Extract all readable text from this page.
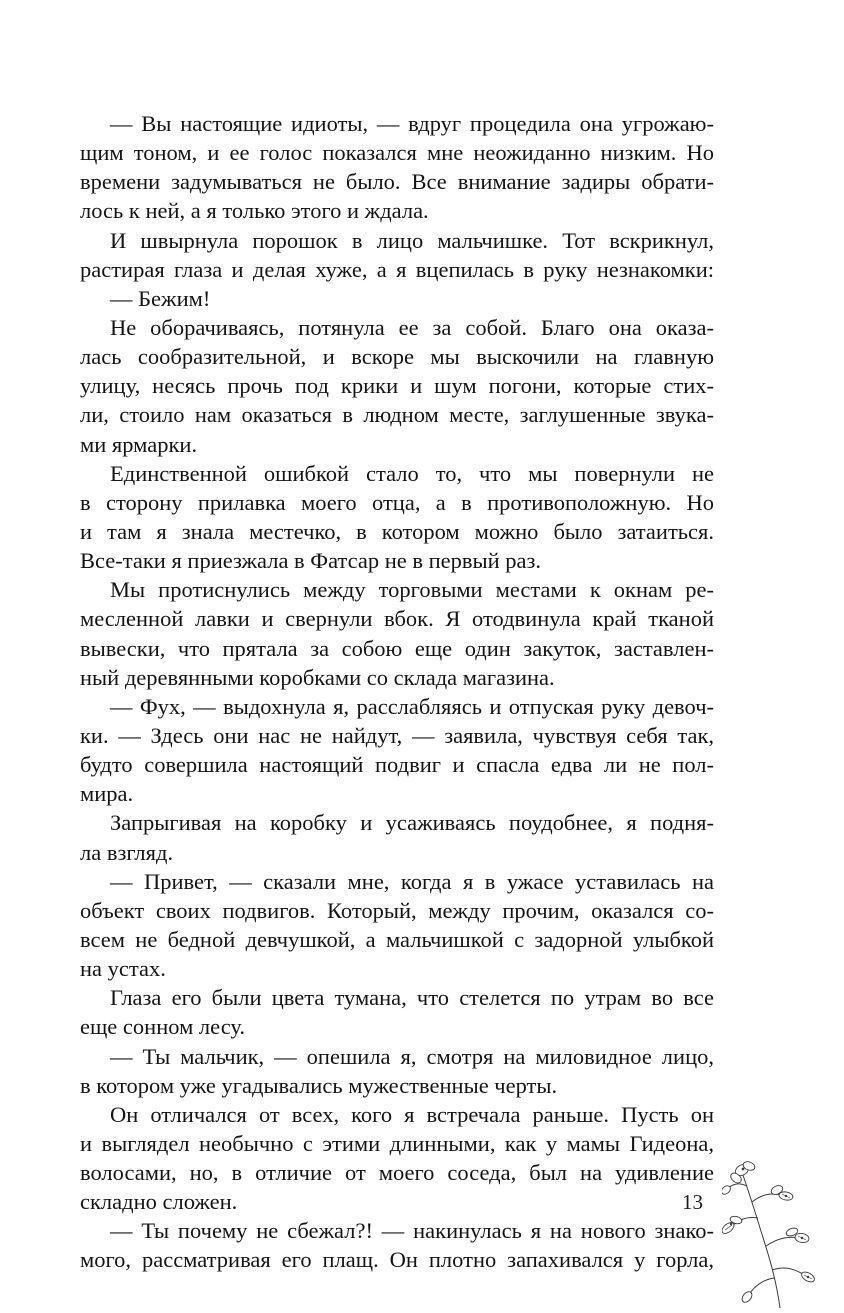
— Вы настоящие идиоты, — вдруг процедила она угрожаю-
щим тоном, и ее голос показался мне неожиданно низким. Но
времени задумываться не было. Все внимание задиры обрати-
лось к ней, а я только этого и ждала.
И швырнула порошок в лицо мальчишке. Тот вскрикнул,
растирая глаза и делая хуже, а я вцепилась в руку незнакомки:
— Бежим!
Не оборачиваясь, потянула ее за собой. Благо она оказа-
лась сообразительной, и вскоре мы выскочили на главную
улицу, несясь прочь под крики и шум погони, которые стих-
ли, стоило нам оказаться в людном месте, заглушенные звука-
ми ярмарки.
Единственной ошибкой стало то, что мы повернули не
в сторону прилавка моего отца, а в противоположную. Но
и там я знала местечко, в котором можно было затаиться.
Все-таки я приезжала в Фатсар не в первый раз.
Мы протиснулись между торговыми местами к окнам ре-
месленной лавки и свернули вбок. Я отодвинула край тканой
вывески, что прятала за собою еще один закуток, заставлен-
ный деревянными коробками со склада магазина.
— Фух, — выдохнула я, расслабляясь и отпуская руку девоч-
ки. — Здесь они нас не найдут, — заявила, чувствуя себя так,
будто совершила настоящий подвиг и спасла едва ли не пол-
мира.
Запрыгивая на коробку и усаживаясь поудобнее, я подня-
ла взгляд.
— Привет, — сказали мне, когда я в ужасе уставилась на
объект своих подвигов. Который, между прочим, оказался со-
всем не бедной девчушкой, а мальчишкой с задорной улыбкой
на устах.
Глаза его были цвета тумана, что стелется по утрам во все
еще сонном лесу.
— Ты мальчик, — опешила я, смотря на миловидное лицо,
в котором уже угадывались мужественные черты.
Он отличался от всех, кого я встречала раньше. Пусть он
и выглядел необычно с этими длинными, как у мамы Гидеона,
волосами, но, в отличие от моего соседа, был на удивление
складно сложен.
— Ты почему не сбежал?! — накинулась я на нового знако-
мого, рассматривая его плащ. Он плотно запахивался у горла,
13
